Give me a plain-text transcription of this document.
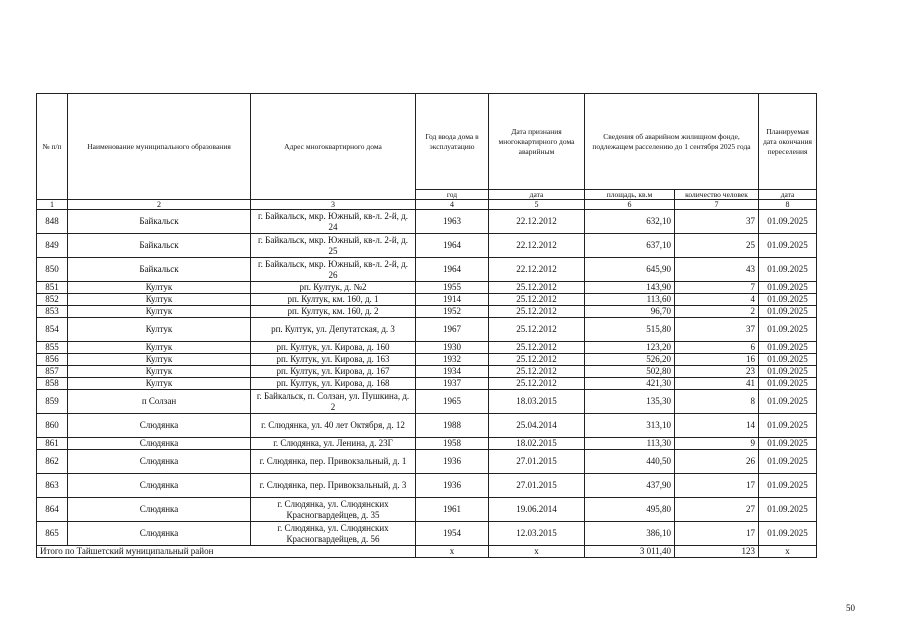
№ п/п	Наименование муниципального образования	Адрес многоквартирного дома	Год ввода дома в эксплуатацию	Дата признания многоквартирного дома аварийным	Сведения об аварийном жилищном фонде, подлежащем расселению до 1 сентября 2025 года		Планируемая дата окончания переселения
			год	дата	площадь, кв.м	количество человек	дата
1	2	3	4	5	6	7	8
848	Байкальск	г. Байкальск, мкр. Южный, кв-л. 2-й, д. 24	1963	22.12.2012	632,10	37	01.09.2025
849	Байкальск	г. Байкальск, мкр. Южный, кв-л. 2-й, д. 25	1964	22.12.2012	637,10	25	01.09.2025
850	Байкальск	г. Байкальск, мкр. Южный, кв-л. 2-й, д. 26	1964	22.12.2012	645,90	43	01.09.2025
851	Култук	рп. Култук, д. №2	1955	25.12.2012	143,90	7	01.09.2025
852	Култук	рп. Култук, км. 160, д. 1	1914	25.12.2012	113,60	4	01.09.2025
853	Култук	рп. Култук, км. 160, д. 2	1952	25.12.2012	96,70	2	01.09.2025
854	Култук	рп. Култук, ул. Депутатская, д. 3	1967	25.12.2012	515,80	37	01.09.2025
855	Култук	рп. Култук, ул. Кирова, д. 160	1930	25.12.2012	123,20	6	01.09.2025
856	Култук	рп. Култук, ул. Кирова, д. 163	1932	25.12.2012	526,20	16	01.09.2025
857	Култук	рп. Култук, ул. Кирова, д. 167	1934	25.12.2012	502,80	23	01.09.2025
858	Култук	рп. Култук, ул. Кирова, д. 168	1937	25.12.2012	421,30	41	01.09.2025
859	п Солзан	г. Байкальск, п. Солзан, ул. Пушкина, д. 2	1965	18.03.2015	135,30	8	01.09.2025
860	Слюдянка	г. Слюдянка, ул. 40 лет Октября, д. 12	1988	25.04.2014	313,10	14	01.09.2025
861	Слюдянка	г. Слюдянка, ул. Ленина, д. 23Г	1958	18.02.2015	113,30	9	01.09.2025
862	Слюдянка	г. Слюдянка, пер. Привокзальный, д. 1	1936	27.01.2015	440,50	26	01.09.2025
863	Слюдянка	г. Слюдянка, пер. Привокзальный, д. 3	1936	27.01.2015	437,90	17	01.09.2025
864	Слюдянка	г. Слюдянка, ул. Слюдянских Красногвардейцев, д. 35	1961	19.06.2014	495,80	27	01.09.2025
865	Слюдянка	г. Слюдянка, ул. Слюдянских Красногвардейцев, д. 56	1954	12.03.2015	386,10	17	01.09.2025
Итого по Тайшетский муниципальный район			x	x	3 011,40	123	x
50
